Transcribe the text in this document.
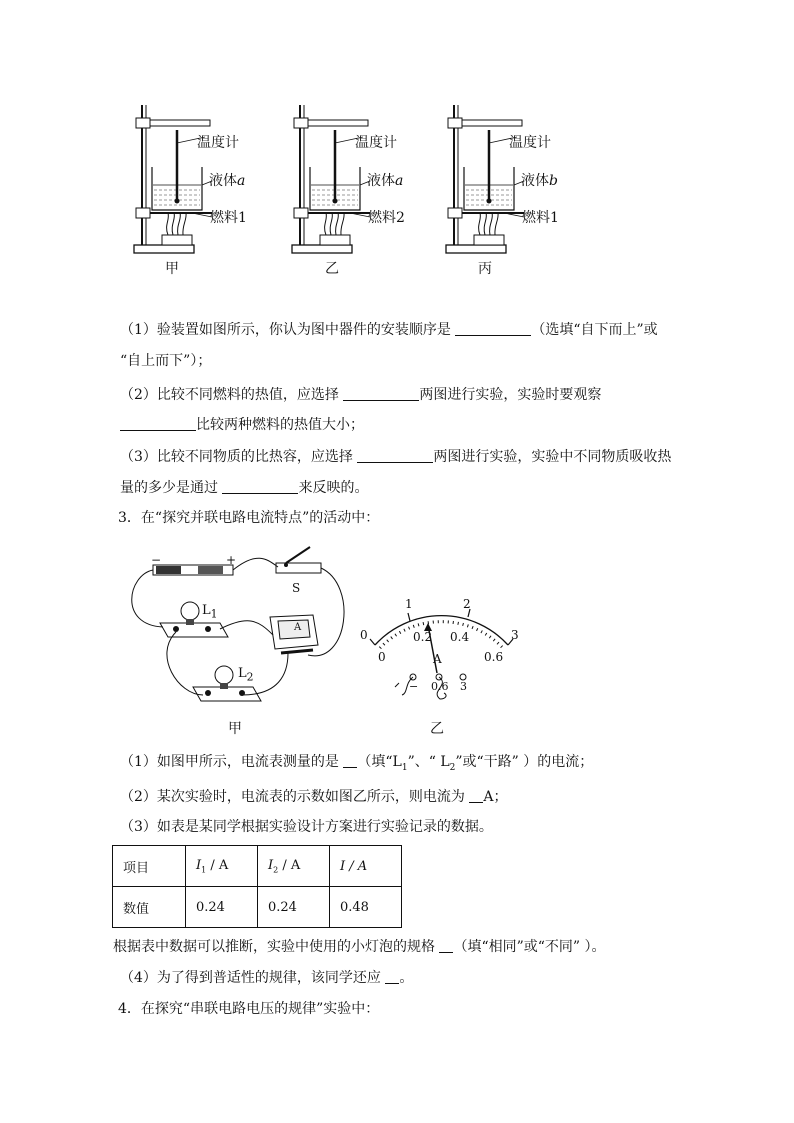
温度计
液体a
燃料1
甲
温度计
液体a
燃料2
乙
温度计
液体b
燃料1
丙
（1）验装置如图所示，你认为图中器件的安装顺序是	（选填“自下而上”或
“自上而下”）；
（2）比较不同燃料的热值，应选择	两图进行实验，实验时要观察
比较两种燃料的热值大小；
（3）比较不同物质的比热容，应选择	两图进行实验，实验中不同物质吸收热
量的多少是通过	来反映的。
3．在“探究并联电路电流特点”的活动中：
−	+
S
$L_1$
$L_2$
A
甲
0
1	2
3
0
0.2 0.4
0.6
A
− 0.6 3
乙
（1）如图甲所示，电流表测量的是 （填“$L_1$”、“ $L_2$”或“干路” ）的电流；
（2）某次实验时，电流表的示数如图乙所示，则电流为 A；
（3）如表是某同学根据实验设计方案进行实验记录的数据。
项目	$I_1$ / A	$I_2$ / A	I / A
数值	0.24	0.24	0.48
根据表中数据可以推断，实验中使用的小灯泡的规格 （填“相同”或“不同” ）。
（4）为了得到普适性的规律，该同学还应 。
4．在探究“串联电路电压的规律”实验中：
